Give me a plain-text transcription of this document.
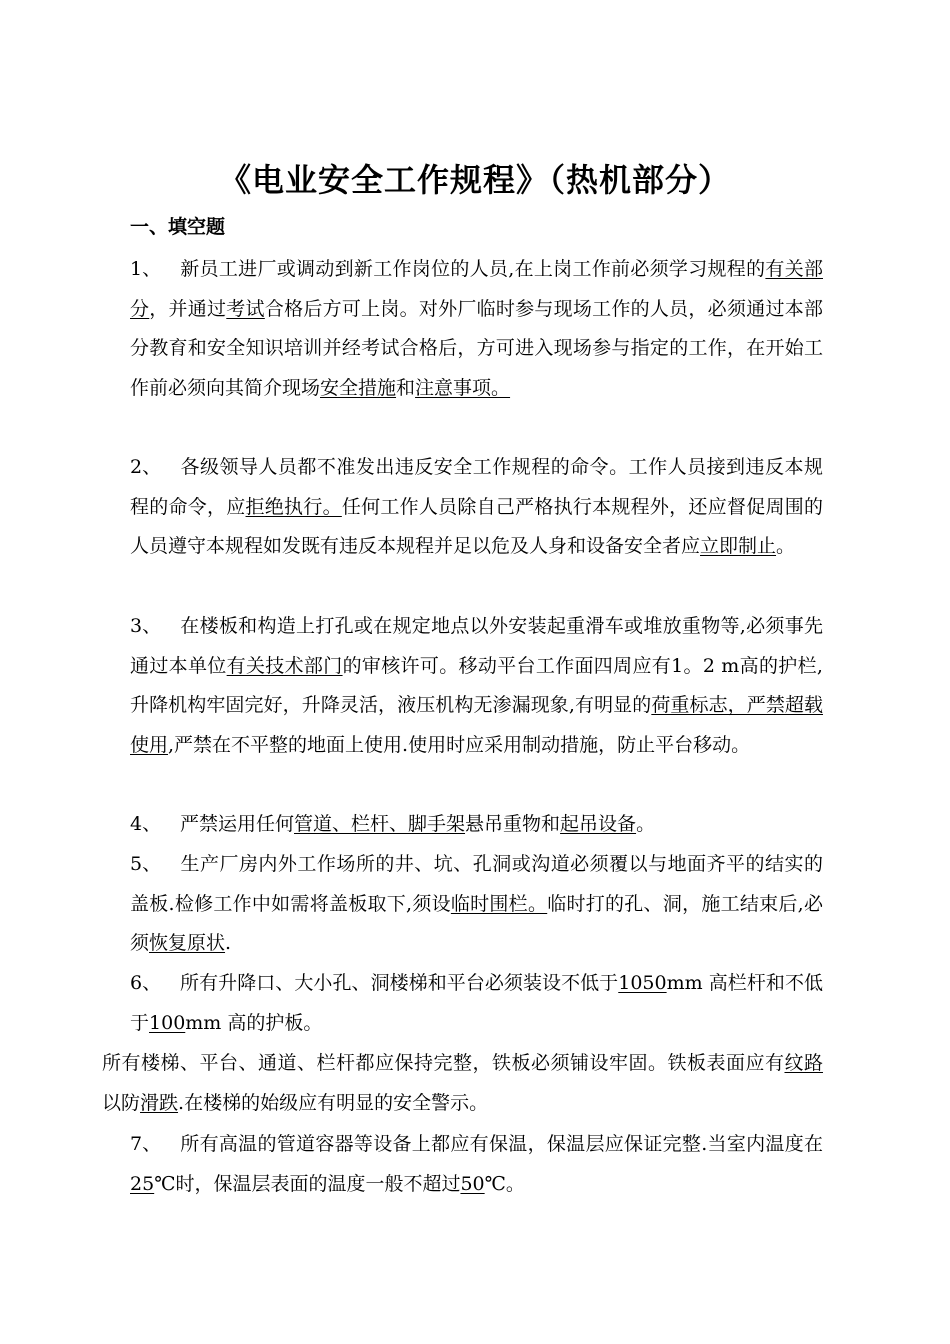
《电业安全工作规程》（热机部分）
一、填空题
1、 新员工进厂或调动到新工作岗位的人员,在上岗工作前必须学习规程的有关部分，并通过考试合格后方可上岗。对外厂临时参与现场工作的人员，必须通过本部分教育和安全知识培训并经考试合格后，方可进入现场参与指定的工作，在开始工作前必须向其简介现场安全措施和注意事项。
2、 各级领导人员都不准发出违反安全工作规程的命令。工作人员接到违反本规程的命令，应拒绝执行。任何工作人员除自己严格执行本规程外，还应督促周围的人员遵守本规程如发既有违反本规程并足以危及人身和设备安全者应立即制止。
3、 在楼板和构造上打孔或在规定地点以外安装起重滑车或堆放重物等,必须事先通过本单位有关技术部门的审核许可。移动平台工作面四周应有1。2 m高的护栏,升降机构牢固完好，升降灵活，液压机构无渗漏现象,有明显的荷重标志，严禁超载使用,严禁在不平整的地面上使用.使用时应采用制动措施，防止平台移动。
4、 严禁运用任何管道、栏杆、脚手架悬吊重物和起吊设备。
5、 生产厂房内外工作场所的井、坑、孔洞或沟道必须覆以与地面齐平的结实的盖板.检修工作中如需将盖板取下,须设临时围栏。临时打的孔、洞，施工结束后,必须恢复原状.
6、 所有升降口、大小孔、洞楼梯和平台必须装设不低于1050mm 高栏杆和不低于100mm 高的护板。
所有楼梯、平台、通道、栏杆都应保持完整，铁板必须铺设牢固。铁板表面应有纹路以防滑跌.在楼梯的始级应有明显的安全警示。
7、 所有高温的管道容器等设备上都应有保温，保温层应保证完整.当室内温度在25℃时，保温层表面的温度一般不超过50℃。
